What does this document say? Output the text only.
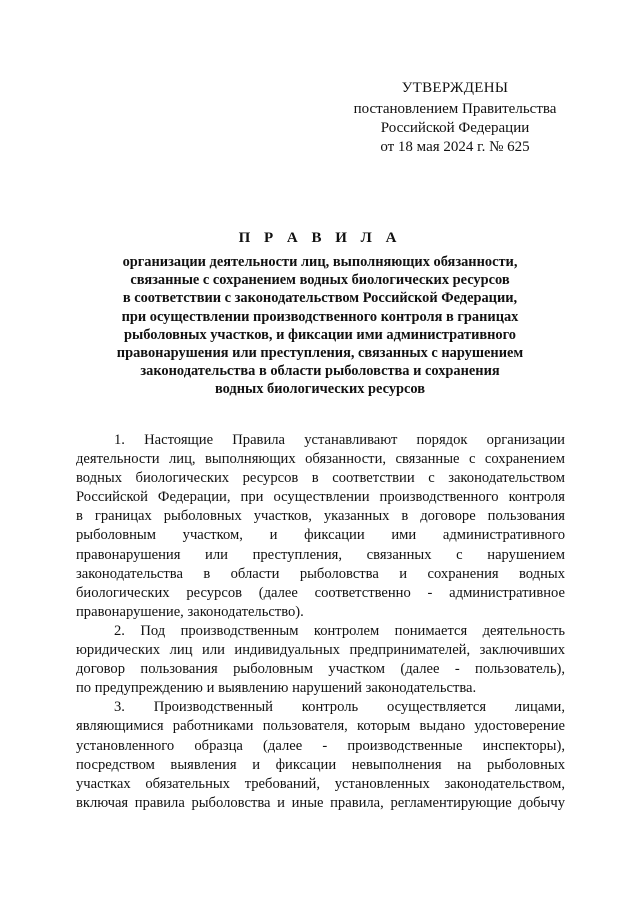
УТВЕРЖДЕНЫ
постановлением Правительства
Российской Федерации
от 18 мая 2024 г. № 625
П Р А В И Л А
организации деятельности лиц, выполняющих обязанности,
связанные с сохранением водных биологических ресурсов
в соответствии с законодательством Российской Федерации,
при осуществлении производственного контроля в границах
рыболовных участков, и фиксации ими административного
правонарушения или преступления, связанных с нарушением
законодательства в области рыболовства и сохранения
водных биологических ресурсов
1. Настоящие Правила устанавливают порядок организации
деятельности лиц, выполняющих обязанности, связанные с сохранением
водных биологических ресурсов в соответствии с законодательством
Российской Федерации, при осуществлении производственного контроля
в границах рыболовных участков, указанных в договоре пользования
рыболовным участком, и фиксации ими административного
правонарушения или преступления, связанных с нарушением
законодательства в области рыболовства и сохранения водных
биологических ресурсов (далее соответственно - административное
правонарушение, законодательство).
2. Под производственным контролем понимается деятельность
юридических лиц или индивидуальных предпринимателей, заключивших
договор пользования рыболовным участком (далее - пользователь),
по предупреждению и выявлению нарушений законодательства.
3. Производственный контроль осуществляется лицами,
являющимися работниками пользователя, которым выдано удостоверение
установленного образца (далее - производственные инспекторы),
посредством выявления и фиксации невыполнения на рыболовных
участках обязательных требований, установленных законодательством,
включая правила рыболовства и иные правила, регламентирующие добычу
